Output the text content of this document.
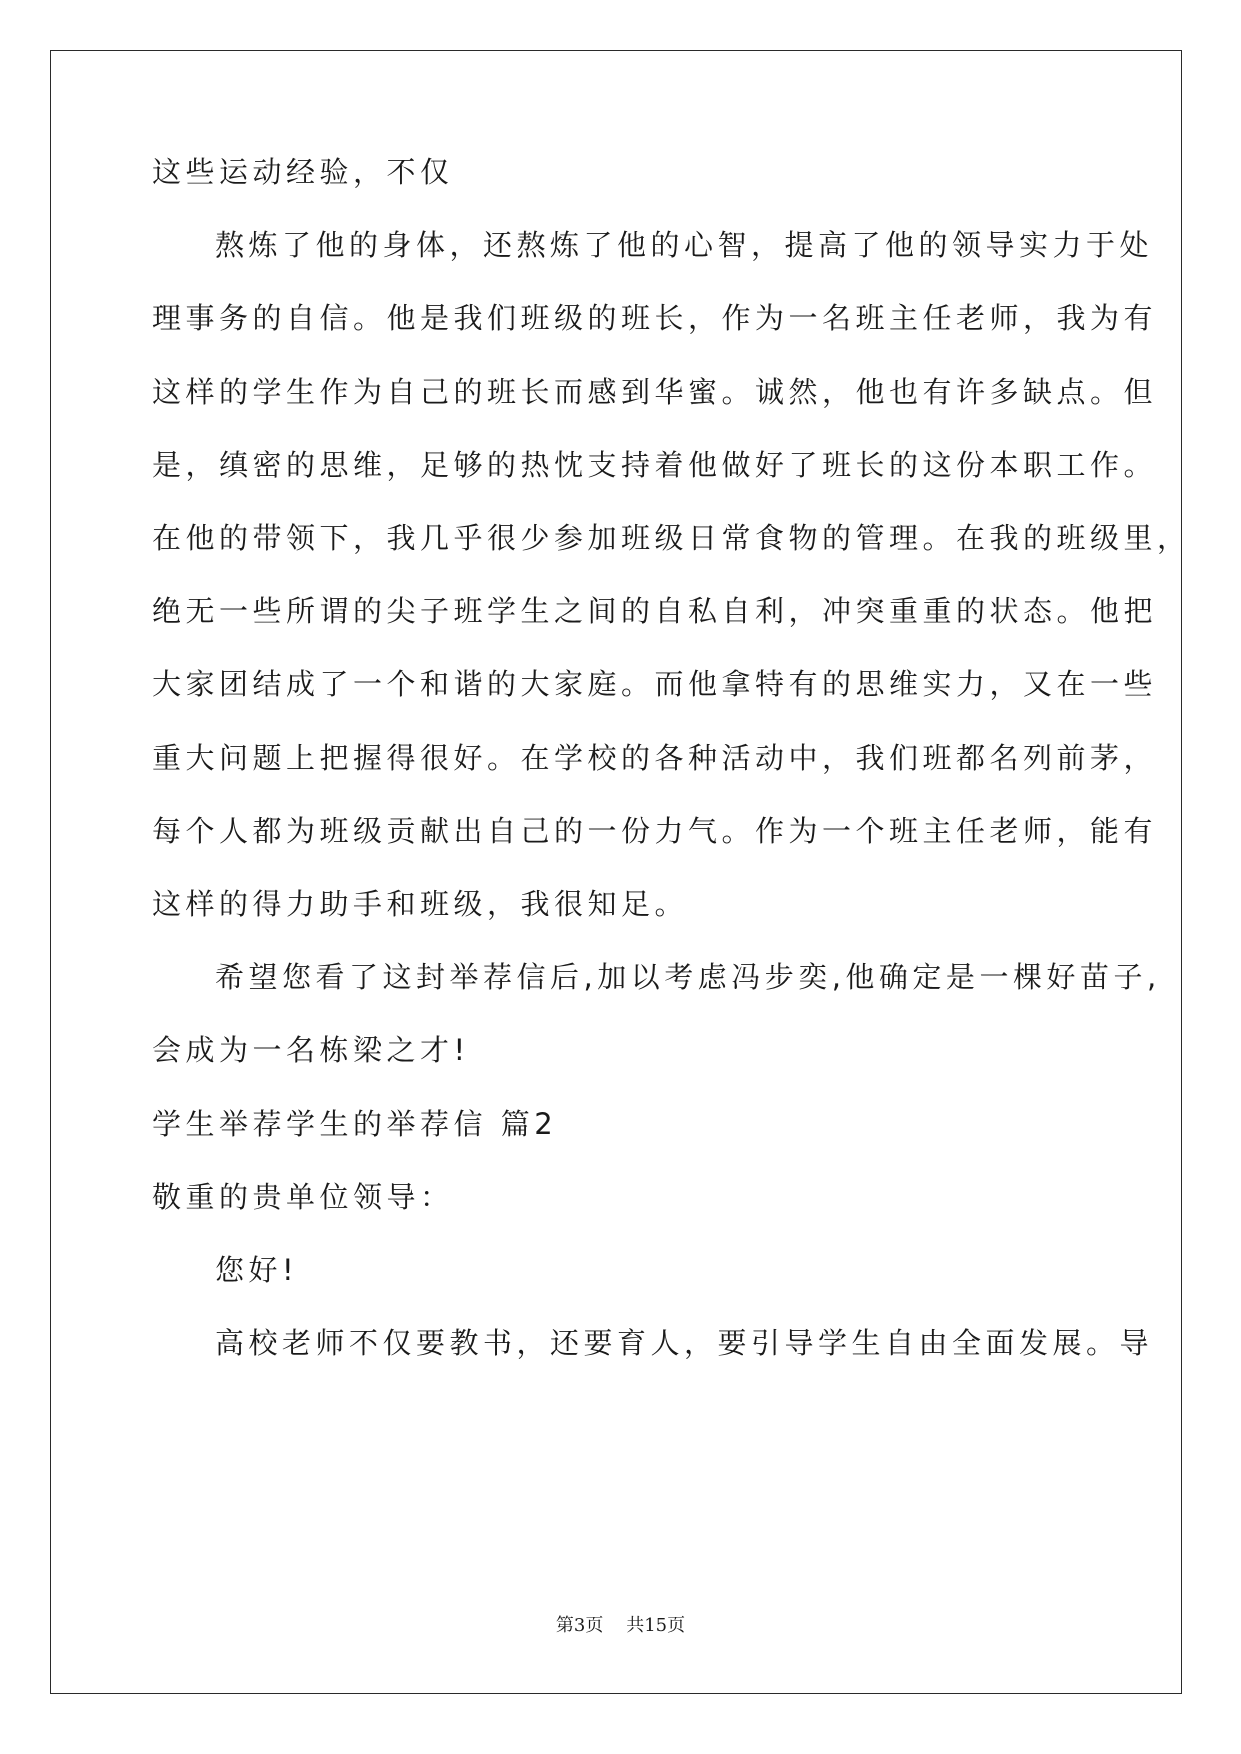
这些运动经验，不仅

熬炼了他的身体，还熬炼了他的心智，提高了他的领导实力于处

理事务的自信。他是我们班级的班长，作为一名班主任老师，我为有

这样的学生作为自己的班长而感到华蜜。诚然，他也有许多缺点。但

是，缜密的思维，足够的热忱支持着他做好了班长的这份本职工作。

在他的带领下，我几乎很少参加班级日常食物的管理。在我的班级里，

绝无一些所谓的尖子班学生之间的自私自利，冲突重重的状态。他把

大家团结成了一个和谐的大家庭。而他拿特有的思维实力，又在一些

重大问题上把握得很好。在学校的各种活动中，我们班都名列前茅，

每个人都为班级贡献出自己的一份力气。作为一个班主任老师，能有

这样的得力助手和班级，我很知足。

希望您看了这封举荐信后,加以考虑冯步奕,他确定是一棵好苗子,

会成为一名栋梁之才!

学生举荐学生的举荐信 篇2

敬重的贵单位领导：

您好!

高校老师不仅要教书，还要育人，要引导学生自由全面发展。导

第3页 共15页
